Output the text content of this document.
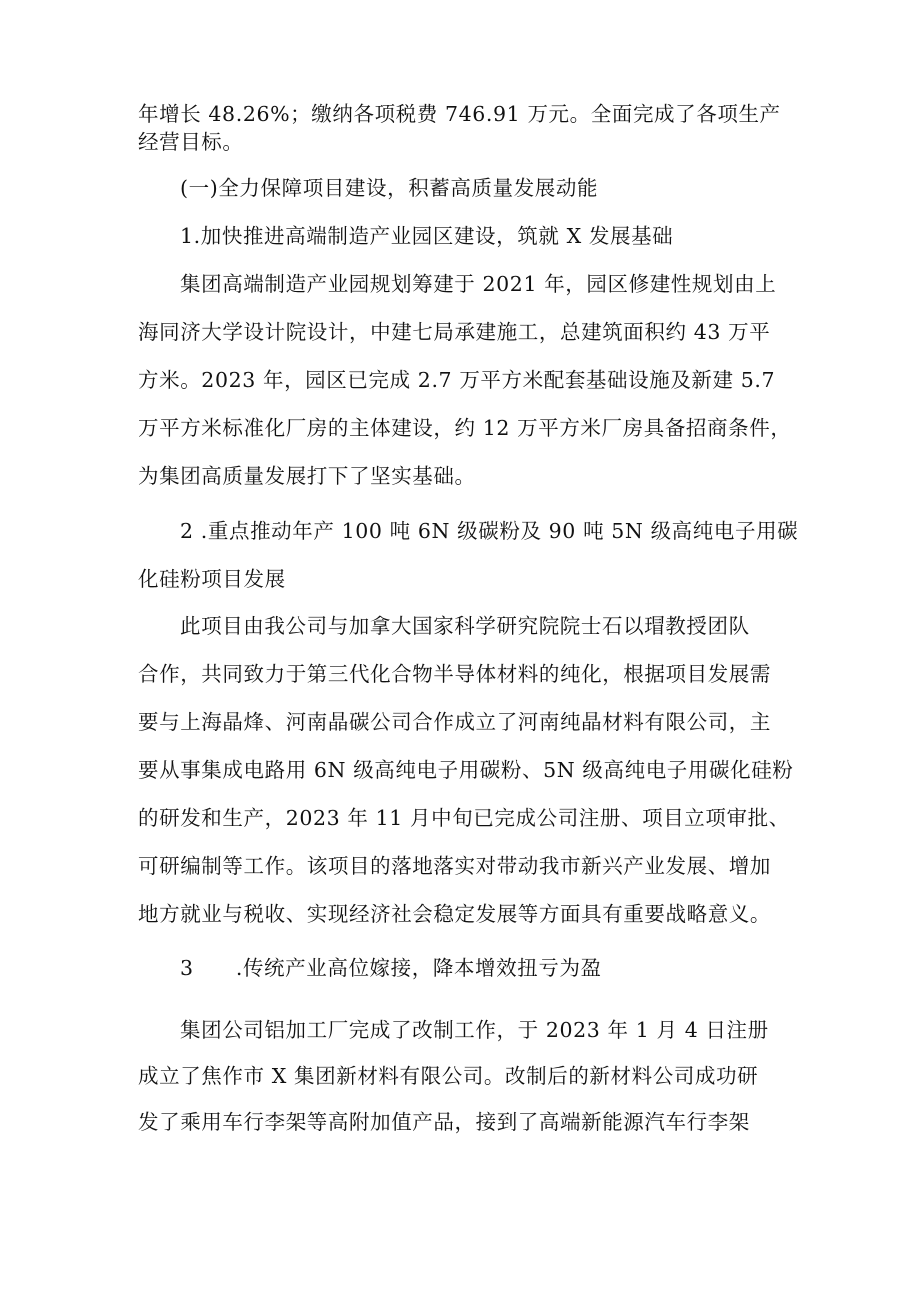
年增长 48.26%；缴纳各项税费 746.91 万元。全面完成了各项生产
经营目标。
(一)全力保障项目建设，积蓄高质量发展动能
1.加快推进高端制造产业园区建设，筑就 X 发展基础
集团高端制造产业园规划筹建于 2021 年，园区修建性规划由上
海同济大学设计院设计，中建七局承建施工，总建筑面积约 43 万平
方米。2023 年，园区已完成 2.7 万平方米配套基础设施及新建 5.7
万平方米标准化厂房的主体建设，约 12 万平方米厂房具备招商条件，
为集团高质量发展打下了坚实基础。
2 .重点推动年产 100 吨 6N 级碳粉及 90 吨 5N 级高纯电子用碳
化硅粉项目发展
此项目由我公司与加拿大国家科学研究院院士石以瑁教授团队
合作，共同致力于第三代化合物半导体材料的纯化，根据项目发展需
要与上海晶烽、河南晶碳公司合作成立了河南纯晶材料有限公司，主
要从事集成电路用 6N 级高纯电子用碳粉、5N 级高纯电子用碳化硅粉
的研发和生产，2023 年 11 月中旬已完成公司注册、项目立项审批、
可研编制等工作。该项目的落地落实对带动我市新兴产业发展、增加
地方就业与税收、实现经济社会稳定发展等方面具有重要战略意义。
3　　.传统产业高位嫁接，降本增效扭亏为盈
集团公司铝加工厂完成了改制工作，于 2023 年 1 月 4 日注册
成立了焦作市 X 集团新材料有限公司。改制后的新材料公司成功研
发了乘用车行李架等高附加值产品，接到了高端新能源汽车行李架
